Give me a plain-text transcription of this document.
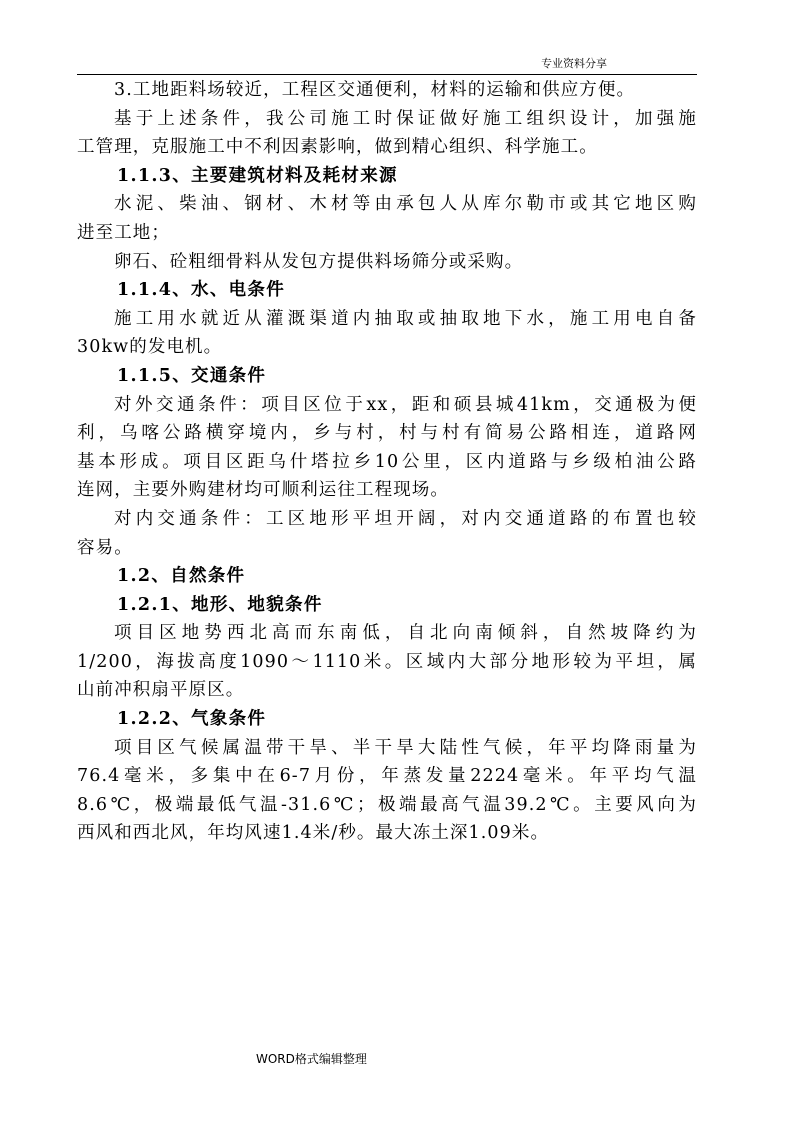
专业资料分享
3.工地距料场较近，工程区交通便利，材料的运输和供应方便。
基于上述条件，我公司施工时保证做好施工组织设计，加强施
工管理，克服施工中不利因素影响，做到精心组织、科学施工。
1.1.3、主要建筑材料及耗材来源
水泥、柴油、钢材、木材等由承包人从库尔勒市或其它地区购
进至工地；
卵石、砼粗细骨料从发包方提供料场筛分或采购。
1.1.4、水、电条件
施工用水就近从灌溉渠道内抽取或抽取地下水，施工用电自备
30kw的发电机。
1.1.5、交通条件
对外交通条件：项目区位于xx，距和硕县城41km，交通极为便
利，乌喀公路横穿境内，乡与村，村与村有简易公路相连，道路网
基本形成。项目区距乌什塔拉乡10公里，区内道路与乡级柏油公路
连网，主要外购建材均可顺利运往工程现场。
对内交通条件：工区地形平坦开阔，对内交通道路的布置也较
容易。
1.2、自然条件
1.2.1、地形、地貌条件
项目区地势西北高而东南低，自北向南倾斜，自然坡降约为
1/200，海拔高度1090～1110米。区域内大部分地形较为平坦，属
山前冲积扇平原区。
1.2.2、气象条件
项目区气候属温带干旱、半干旱大陆性气候，年平均降雨量为
76.4毫米，多集中在6-7月份，年蒸发量2224毫米。年平均气温
8.6℃，极端最低气温-31.6℃；极端最高气温39.2℃。主要风向为
西风和西北风，年均风速1.4米/秒。最大冻土深1.09米。
WORD格式编辑整理
